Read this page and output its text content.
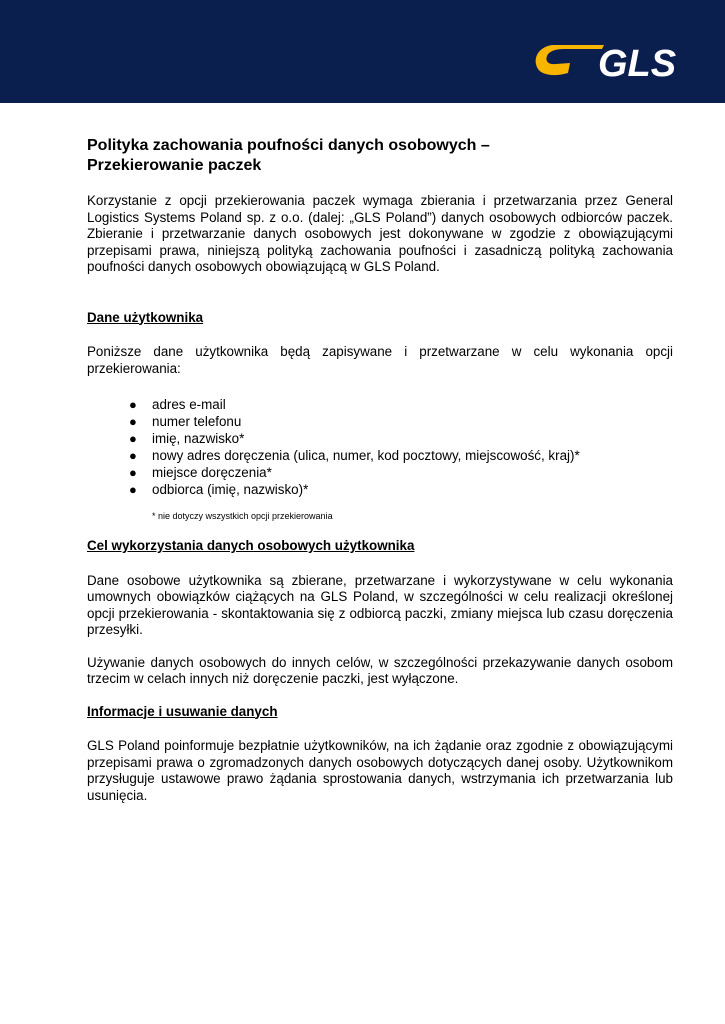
GLS
Polityka zachowania poufności danych osobowych –
Przekierowanie paczek

Korzystanie z opcji przekierowania paczek wymaga zbierania i przetwarzania przez General Logistics Systems Poland sp. z o.o. (dalej: „GLS Poland”) danych osobowych odbiorców paczek. Zbieranie i przetwarzanie danych osobowych jest dokonywane w zgodzie z obowiązującymi przepisami prawa, niniejszą polityką zachowania poufności i zasadniczą polityką zachowania poufności danych osobowych obowiązującą w GLS Poland.

Dane użytkownika

Poniższe dane użytkownika będą zapisywane i przetwarzane w celu wykonania opcji przekierowania:

● adres e-mail
● numer telefonu
● imię, nazwisko*
● nowy adres doręczenia (ulica, numer, kod pocztowy, miejscowość, kraj)*
● miejsce doręczenia*
● odbiorca (imię, nazwisko)*

* nie dotyczy wszystkich opcji przekierowania

Cel wykorzystania danych osobowych użytkownika

Dane osobowe użytkownika są zbierane, przetwarzane i wykorzystywane w celu wykonania umownych obowiązków ciążących na GLS Poland, w szczególności w celu realizacji określonej opcji przekierowania - skontaktowania się z odbiorcą paczki, zmiany miejsca lub czasu doręczenia przesyłki.

Używanie danych osobowych do innych celów, w szczególności przekazywanie danych osobom trzecim w celach innych niż doręczenie paczki, jest wyłączone.

Informacje i usuwanie danych

GLS Poland poinformuje bezpłatnie użytkowników, na ich żądanie oraz zgodnie z obowiązującymi przepisami prawa o zgromadzonych danych osobowych dotyczących danej osoby. Użytkownikom przysługuje ustawowe prawo żądania sprostowania danych, wstrzymania ich przetwarzania lub usunięcia.
